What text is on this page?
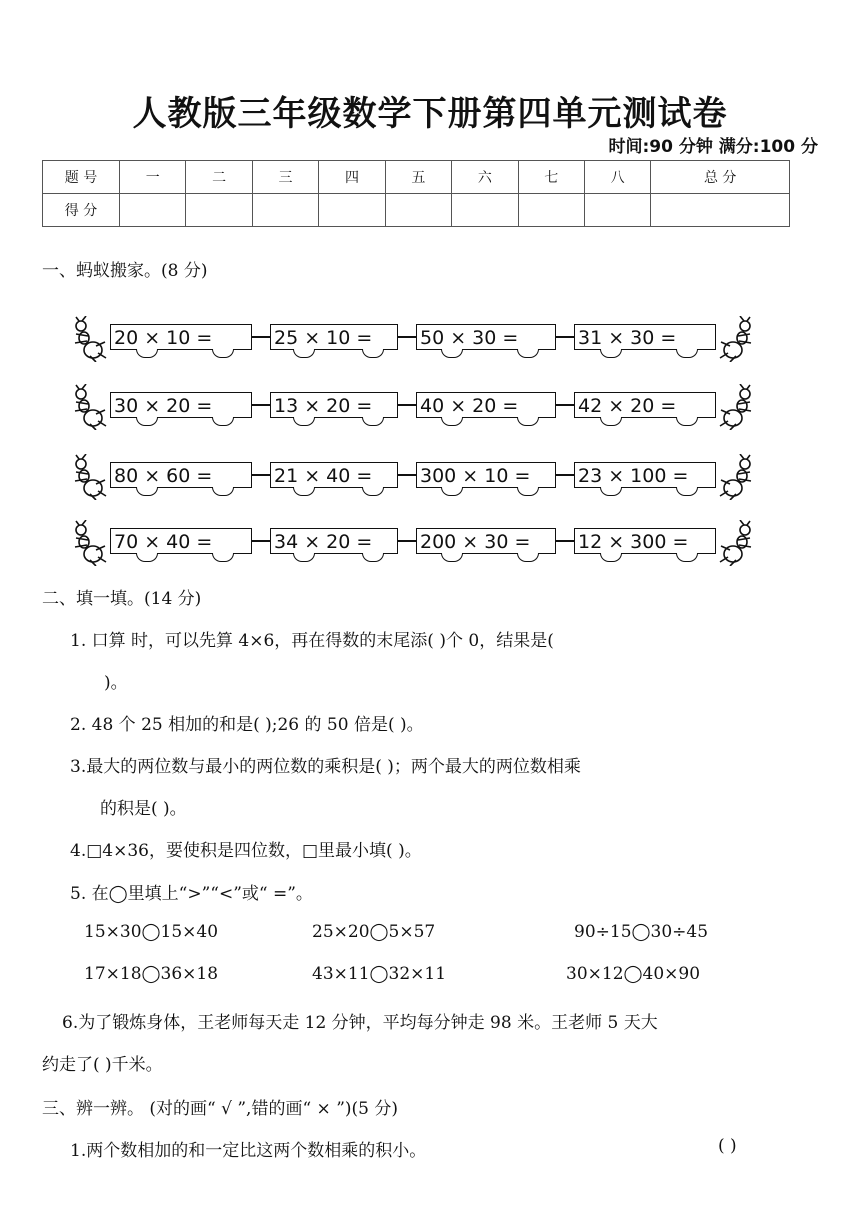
人教版三年级数学下册第四单元测试卷
时间:90 分钟 满分:100 分
题 号	一	二	三	四	五	六	七	八	总 分
得 分									
一、蚂蚁搬家。(8 分)
20 × 10 =	25 × 10 =	50 × 30 =	31 × 30 =
30 × 20 =	13 × 20 =	40 × 20 =	42 × 20 =
80 × 60 =	21 × 40 =	300 × 10 =	23 × 100 =
70 × 40 =	34 × 20 =	200 × 30 =	12 × 300 =
二、填一填。(14 分)
1. 口算 时，可以先算 4×6，再在得数的末尾添( )个 0，结果是(
)。
2. 48 个 25 相加的和是( );26 的 50 倍是( )。
3.最大的两位数与最小的两位数的乘积是( )；两个最大的两位数相乘
的积是( )。
4.□4×36，要使积是四位数，□里最小填( )。
5. 在◯里填上“>”“<”或“ =”。
15×30◯15×40	25×20◯5×57	90÷15◯30÷45
17×18◯36×18	43×11◯32×11	30×12◯40×90
6.为了锻炼身体，王老师每天走 12 分钟，平均每分钟走 98 米。王老师 5 天大
约走了( )千米。
三、辨一辨。 (对的画“ √ ”,错的画“ × ”)(5 分)
1.两个数相加的和一定比这两个数相乘的积小。	( )
